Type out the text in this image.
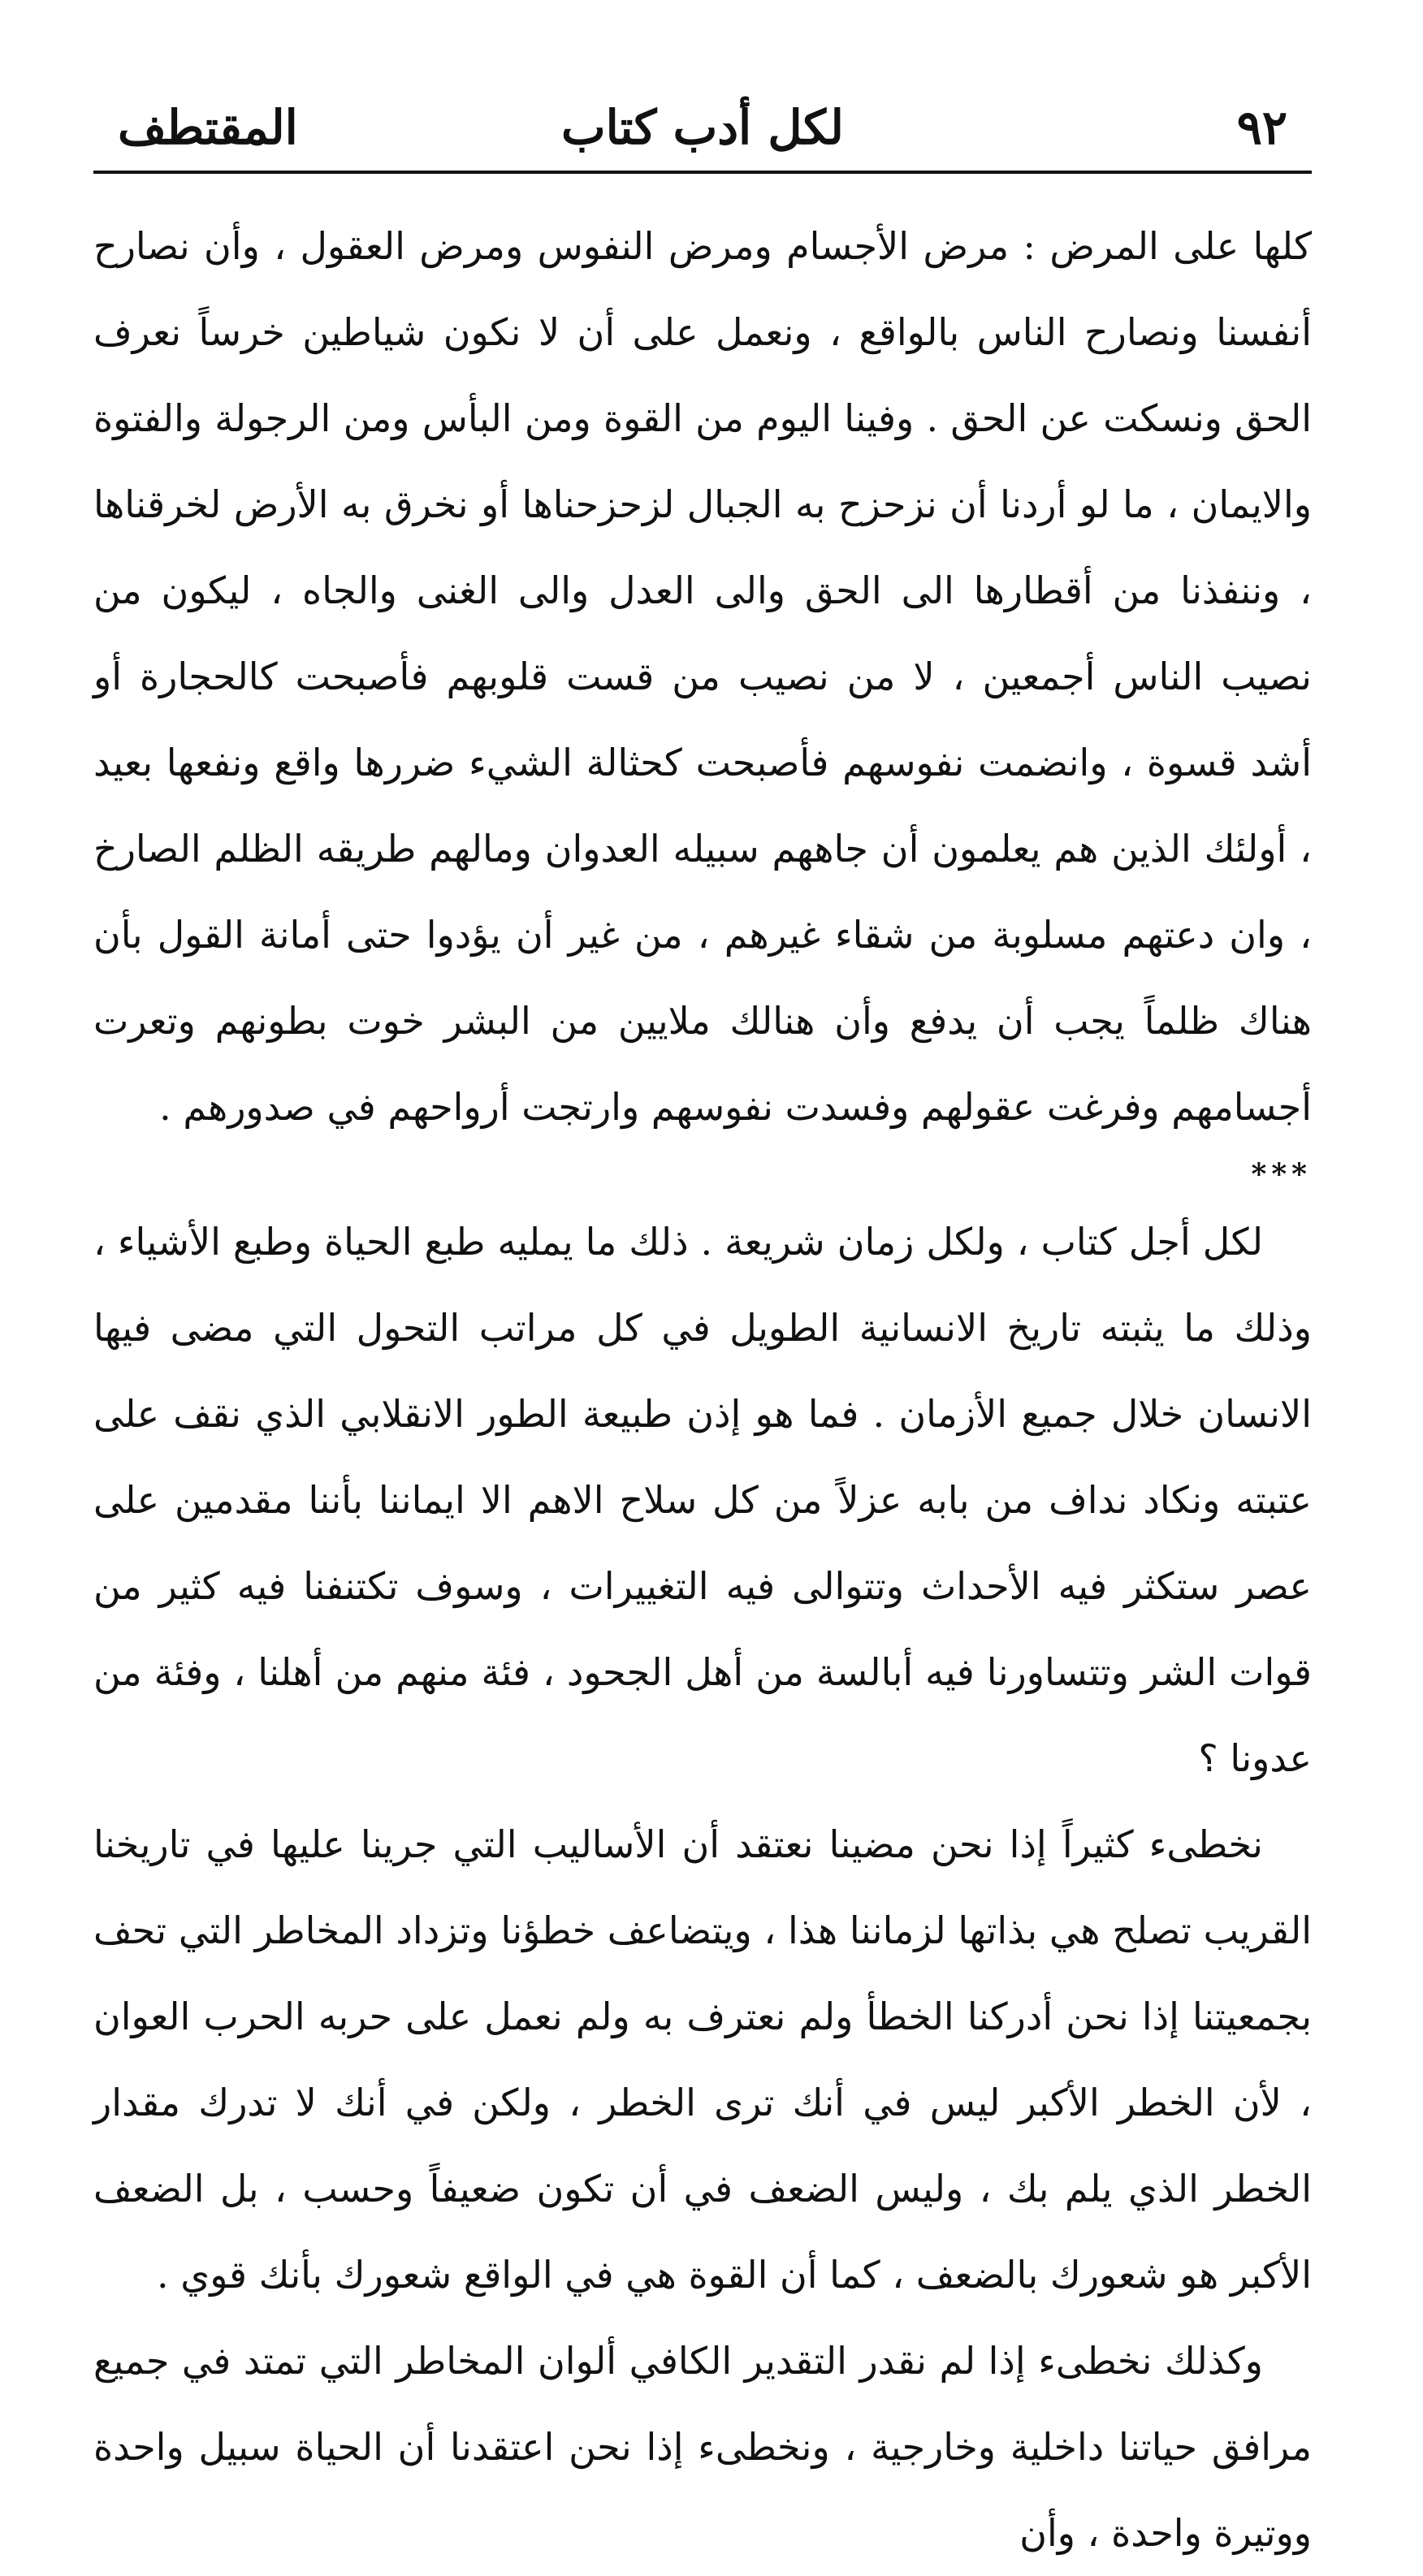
٩٢
لكل أدب كتاب
المقتطف

كلها على المرض : مرض الأجسام ومرض النفوس ومرض العقول ، وأن نصارح أنفسنا ونصارح الناس بالواقع ، ونعمل على أن لا نكون شياطين خرساً نعرف الحق ونسكت عن الحق . وفينا اليوم من القوة ومن البأس ومن الرجولة والفتوة والايمان ، ما لو أردنا أن نزحزح به الجبال لزحزحناها أو نخرق به الأرض لخرقناها ، وننفذنا من أقطارها الى الحق والى العدل والى الغنى والجاه ، ليكون من نصيب الناس أجمعين ، لا من نصيب من قست قلوبهم فأصبحت كالحجارة أو أشد قسوة ، وانضمت نفوسهم فأصبحت كحثالة الشيء ضررها واقع ونفعها بعيد ، أولئك الذين هم يعلمون أن جاههم سبيله العدوان ومالهم طريقه الظلم الصارخ ، وان دعتهم مسلوبة من شقاء غيرهم ، من غير أن يؤدوا حتى أمانة القول بأن هناك ظلماً يجب أن يدفع وأن هنالك ملايين من البشر خوت بطونهم وتعرت أجسامهم وفرغت عقولهم وفسدت نفوسهم وارتجت أرواحهم في صدورهم .

***

لكل أجل كتاب ، ولكل زمان شريعة . ذلك ما يمليه طبع الحياة وطبع الأشياء ، وذلك ما يثبته تاريخ الانسانية الطويل في كل مراتب التحول التي مضى فيها الانسان خلال جميع الأزمان . فما هو إذن طبيعة الطور الانقلابي الذي نقف على عتبته ونكاد نداف من بابه عزلاً من كل سلاح الاهم الا ايماننا بأننا مقدمين على عصر ستكثر فيه الأحداث وتتوالى فيه التغييرات ، وسوف تكتنفنا فيه كثير من قوات الشر وتتساورنا فيه أبالسة من أهل الجحود ، فئة منهم من أهلنا ، وفئة من عدونا ؟

نخطىء كثيراً إذا نحن مضينا نعتقد أن الأساليب التي جرينا عليها في تاريخنا القريب تصلح هي بذاتها لزماننا هذا ، ويتضاعف خطؤنا وتزداد المخاطر التي تحف بجمعيتنا إذا نحن أدركنا الخطأ ولم نعترف به ولم نعمل على حربه الحرب العوان ، لأن الخطر الأكبر ليس في أنك ترى الخطر ، ولكن في أنك لا تدرك مقدار الخطر الذي يلم بك ، وليس الضعف في أن تكون ضعيفاً وحسب ، بل الضعف الأكبر هو شعورك بالضعف ، كما أن القوة هي في الواقع شعورك بأنك قوي .

وكذلك نخطىء إذا لم نقدر التقدير الكافي ألوان المخاطر التي تمتد في جميع مرافق حياتنا داخلية وخارجية ، ونخطىء إذا نحن اعتقدنا أن الحياة سبيل واحدة ووتيرة واحدة ، وأن
